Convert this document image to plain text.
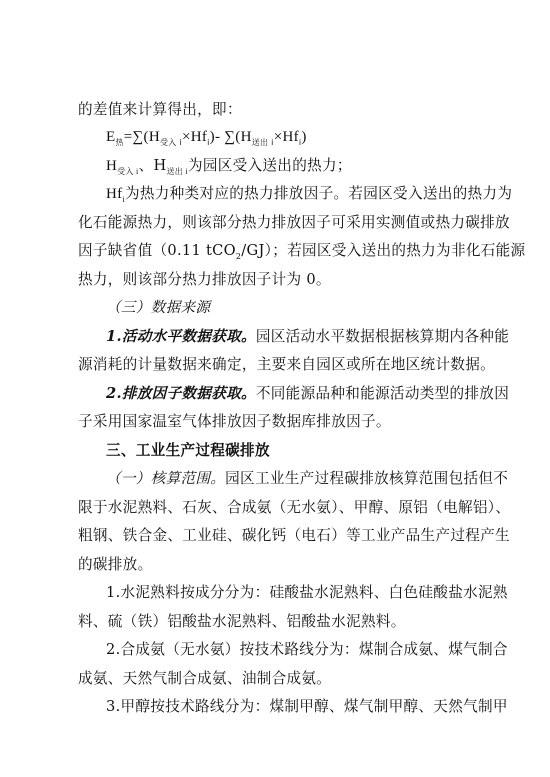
的差值来计算得出，即：
$E_热=\sum(H_{受入 i}\times Hf_i)-$ $\sum(H_{送出 i}\times Hf_i)$
$H_{受入 i}$、$H_{送出 i}$为园区受入送出的热力；
$Hf_i$为热力种类对应的热力排放因子。若园区受入送出的热力为
化石能源热力，则该部分热力排放因子可采用实测值或热力碳排放
因子缺省值（0.11 tCO$_2$/GJ）；若园区受入送出的热力为非化石能源
热力，则该部分热力排放因子计为 0。
（三）数据来源
1.活动水平数据获取。园区活动水平数据根据核算期内各种能
源消耗的计量数据来确定，主要来自园区或所在地区统计数据。
2.排放因子数据获取。不同能源品种和能源活动类型的排放因
子采用国家温室气体排放因子数据库排放因子。
三、工业生产过程碳排放
（一）核算范围。园区工业生产过程碳排放核算范围包括但不
限于水泥熟料、石灰、合成氨（无水氨）、甲醇、原铝（电解铝）、
粗钢、铁合金、工业硅、碳化钙（电石）等工业产品生产过程产生
的碳排放。
1.水泥熟料按成分分为：硅酸盐水泥熟料、白色硅酸盐水泥熟
料、硫（铁）铝酸盐水泥熟料、铝酸盐水泥熟料。
2.合成氨（无水氨）按技术路线分为：煤制合成氨、煤气制合
成氨、天然气制合成氨、油制合成氨。
3.甲醇按技术路线分为：煤制甲醇、煤气制甲醇、天然气制甲
